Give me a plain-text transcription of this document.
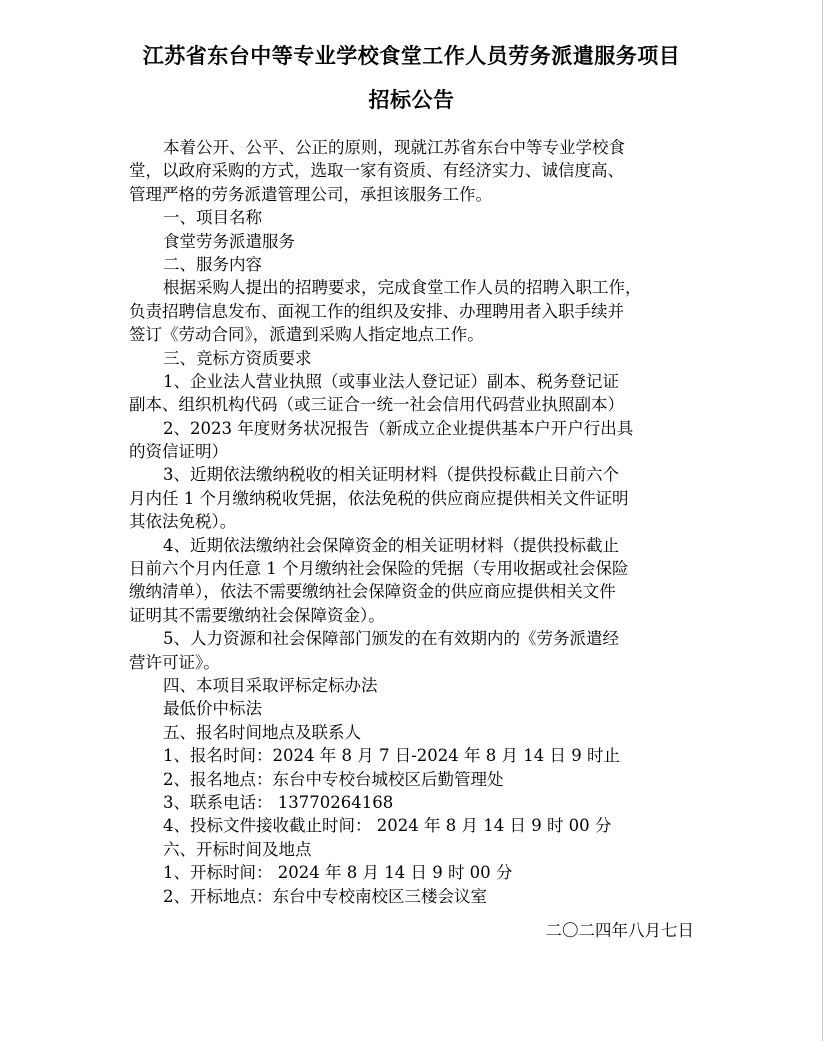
江苏省东台中等专业学校食堂工作人员劳务派遣服务项目
招标公告
本着公开、公平、公正的原则，现就江苏省东台中等专业学校食
堂，以政府采购的方式，选取一家有资质、有经济实力、诚信度高、
管理严格的劳务派遣管理公司，承担该服务工作。
一、项目名称
食堂劳务派遣服务
二、服务内容
根据采购人提出的招聘要求，完成食堂工作人员的招聘入职工作，
负责招聘信息发布、面视工作的组织及安排、办理聘用者入职手续并
签订《劳动合同》，派遣到采购人指定地点工作。
三、竞标方资质要求
1、企业法人营业执照（或事业法人登记证）副本、税务登记证
副本、组织机构代码（或三证合一统一社会信用代码营业执照副本）
2、2023 年度财务状况报告（新成立企业提供基本户开户行出具
的资信证明）
3、近期依法缴纳税收的相关证明材料（提供投标截止日前六个
月内任 1 个月缴纳税收凭据，依法免税的供应商应提供相关文件证明
其依法免税）。
4、近期依法缴纳社会保障资金的相关证明材料（提供投标截止
日前六个月内任意 1 个月缴纳社会保险的凭据（专用收据或社会保险
缴纳清单），依法不需要缴纳社会保障资金的供应商应提供相关文件
证明其不需要缴纳社会保障资金）。
5、人力资源和社会保障部门颁发的在有效期内的《劳务派遣经
营许可证》。
四、本项目采取评标定标办法
最低价中标法
五、报名时间地点及联系人
1、报名时间：2024 年 8 月 7 日-2024 年 8 月 14 日 9 时止
2、报名地点：东台中专校台城校区后勤管理处
3、联系电话： 13770264168
4、投标文件接收截止时间： 2024 年 8 月 14 日 9 时 00 分
六、开标时间及地点
1、开标时间： 2024 年 8 月 14 日 9 时 00 分
2、开标地点：东台中专校南校区三楼会议室
二〇二四年八月七日
